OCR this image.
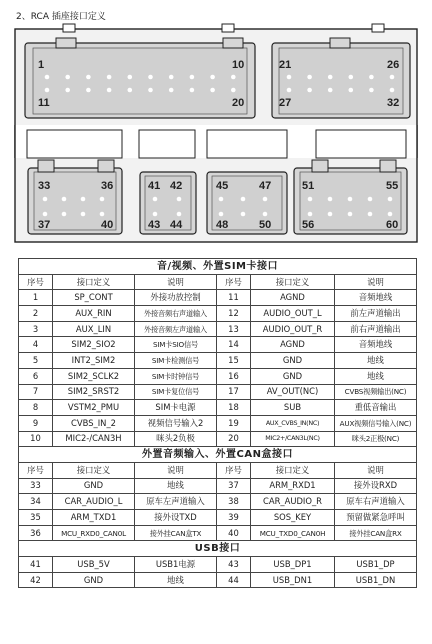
2、RCA 插座接口定义
1	10
11	20
21	26
27	32
33	36
37	40
41 42
43 44
45	47
48	50
51	55
56	60
音/视频、外置SIM卡接口					
序号	接口定义	说明	序号	接口定义	说明
1	SP_CONT	外接功放控制	11	AGND	音频地线
2	AUX_RIN	外接音频右声道输入	12	AUDIO_OUT_L	前左声道输出
3	AUX_LIN	外接音频左声道输入	13	AUDIO_OUT_R	前右声道输出
4	SIM2_SIO2	SIM卡SIO信号	14	AGND	音频地线
5	INT2_SIM2	SIM卡检测信号	15	GND	地线
6	SIM2_SCLK2	SIM卡时钟信号	16	GND	地线
7	SIM2_SRST2	SIM卡复位信号	17	AV_OUT(NC)	CVBS视频输出(NC)
8	VSTM2_PMU	SIM卡电源	18	SUB	重低音输出
9	CVBS_IN_2	视频信号输入2	19	AUX_CVBS_IN(NC)	AUX视频信号输入(NC)
10	MIC2-/CAN3H	咪头2负极	20	MIC2+/CAN3L(NC)	咪头2正极(NC)
外置音频输入、外置CAN盒接口					
序号	接口定义	说明	序号	接口定义	说明
33	GND	地线	37	ARM_RXD1	接外设RXD
34	CAR_AUDIO_L	原车左声道输入	38	CAR_AUDIO_R	原车右声道输入
35	ARM_TXD1	接外设TXD	39	SOS_KEY	预留做紧急呼叫
36	MCU_RXD0_CAN0L	接外挂CAN盒TX	40	MCU_TXD0_CAN0H	接外挂CAN盒RX
USB接口					
41	USB_5V	USB1电源	43	USB_DP1	USB1_DP
42	GND	地线	44	USB_DN1	USB1_DN
